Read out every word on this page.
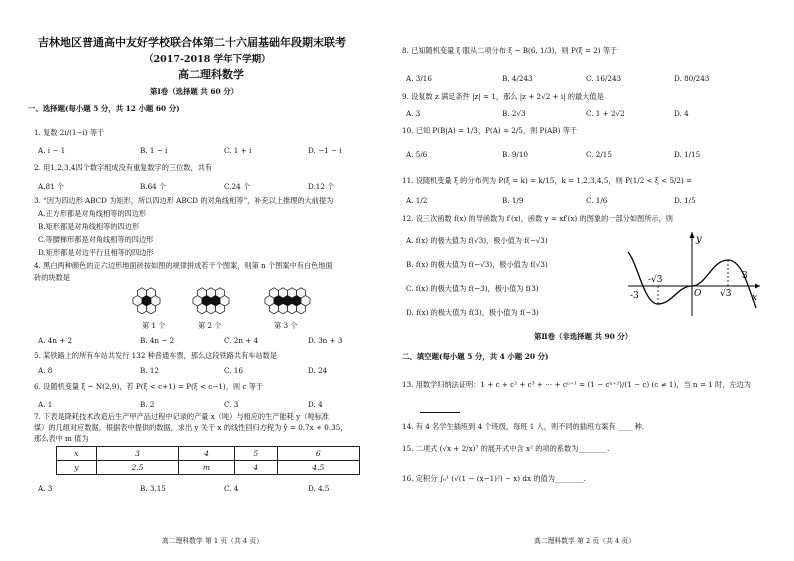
吉林地区普通高中友好学校联合体第二十六届基础年段期末联考
（2017-2018 学年下学期）
高二理科数学
第Ⅰ卷（选择题 共 60 分）
一、选择题(每小题 5 分，共 12 小题 60 分)
1. 复数 2i/(1−i) 等于
A. i − 1	B. 1 − i	C. 1 + i	D. −1 − i
2. 用1,2,3,4四个数字组成没有重复数字的三位数，共有
A.81 个	B.64 个	C.24 个	D.12 个
3. “因为四边形 ABCD 为矩形，所以四边形 ABCD 的对角线相等”，补充以上推理的大前提为
A.正方形都是对角线相等的四边形
B.矩形都是对角线相等的四边形
C.等腰梯形都是对角线相等的四边形
D.矩形都是对边平行且相等的四边形
4. 黑白两种颜色的正六边形地面砖按如图的规律拼成若干个图案，则第 n 个图案中有白色地面
砖的块数是
第 1 个	第 2 个	第 3 个
A. 4n + 2	B. 4n − 2	C. 2n + 4	D. 3n + 3
5. 某铁路上的所有车站共发行 132 种普通车票，那么这段铁路共有车站数是
A. 8	B. 12	C. 16	D. 24
6. 设随机变量 ξ ~ N(2,9)，若 P(ξ < c+1) = P(ξ < c−1)，则 c 等于
A. 1	B. 2	C. 3	D. 4
7. 下表是降耗技术改造后生产甲产品过程中记录的产量 x（吨）与相应的生产能耗 y（吨标准
煤）的几组对应数据，根据表中提供的数据，求出 y 关于 x 的线性回归方程为 ŷ = 0.7x + 0.35，
那么表中 m 值为
x	3	4	5	6
y	2.5	m	4	4.5
A. 3	B. 3.15	C. 4	D. 4.5
高二理科数学 第 1 页（共 4 页）
8. 已知随机变量 ξ 服从二项分布 ξ ~ B(6, 1/3)，则 P(ξ = 2) 等于
A. 3/16	B. 4/243	C. 16/243	D. 80/243
9. 设复数 z 满足条件 |z| = 1，那么 |z + 2√2 + i| 的最大值是
A. 3	B. 2√3	C. 1 + 2√2	D. 4
10. 已知 P(B|A) = 1/3，P(A) = 2/5，则 P(AB) 等于
A. 5/6	B. 9/10	C. 2/15	D. 1/15
11. 设随机变量 ξ 的分布列为 P(ξ = k) = k/15，k = 1,2,3,4,5，则 P(1/2 < ξ < 5/2) =
A. 1/2	B. 1/9	C. 1/6	D. 1/5
12. 设三次函数 f(x) 的导函数为 f′(x)，函数 y = xf′(x) 的图象的一部分如图所示，则
A. f(x) 的极大值为 f(√3)，极小值为 f(−√3)
B. f(x) 的极大值为 f(−√3)，极小值为 f(√3)
C. f(x) 的极大值为 f(−3)，极小值为 f(3)
D. f(x) 的极大值为 f(3)，极小值为 f(−3)
y
x
O
-3
-√3
√3
3
第Ⅱ卷（非选择题 共 90 分）
二、填空题(每小题 5 分，共 4 小题 20 分)
13. 用数学归纳法证明：1 + c + c² + c³ + ⋯ + cⁿ⁺¹ = (1 − cⁿ⁺²)/(1 − c) (c ≠ 1)，当 n = 1 时，左边为
14. 有 4 名学生插班到 4 个班级，每班 1 人，则不同的插班方案有 ____ 种.
15. 二项式 (√x + 2/x)⁷ 的展开式中含 x² 的项的系数为________.
16. 定积分 ∫₀¹ (√(1 − (x−1)²) − x) dx 的值为________.
高二理科数学 第 2 页（共 4 页）
